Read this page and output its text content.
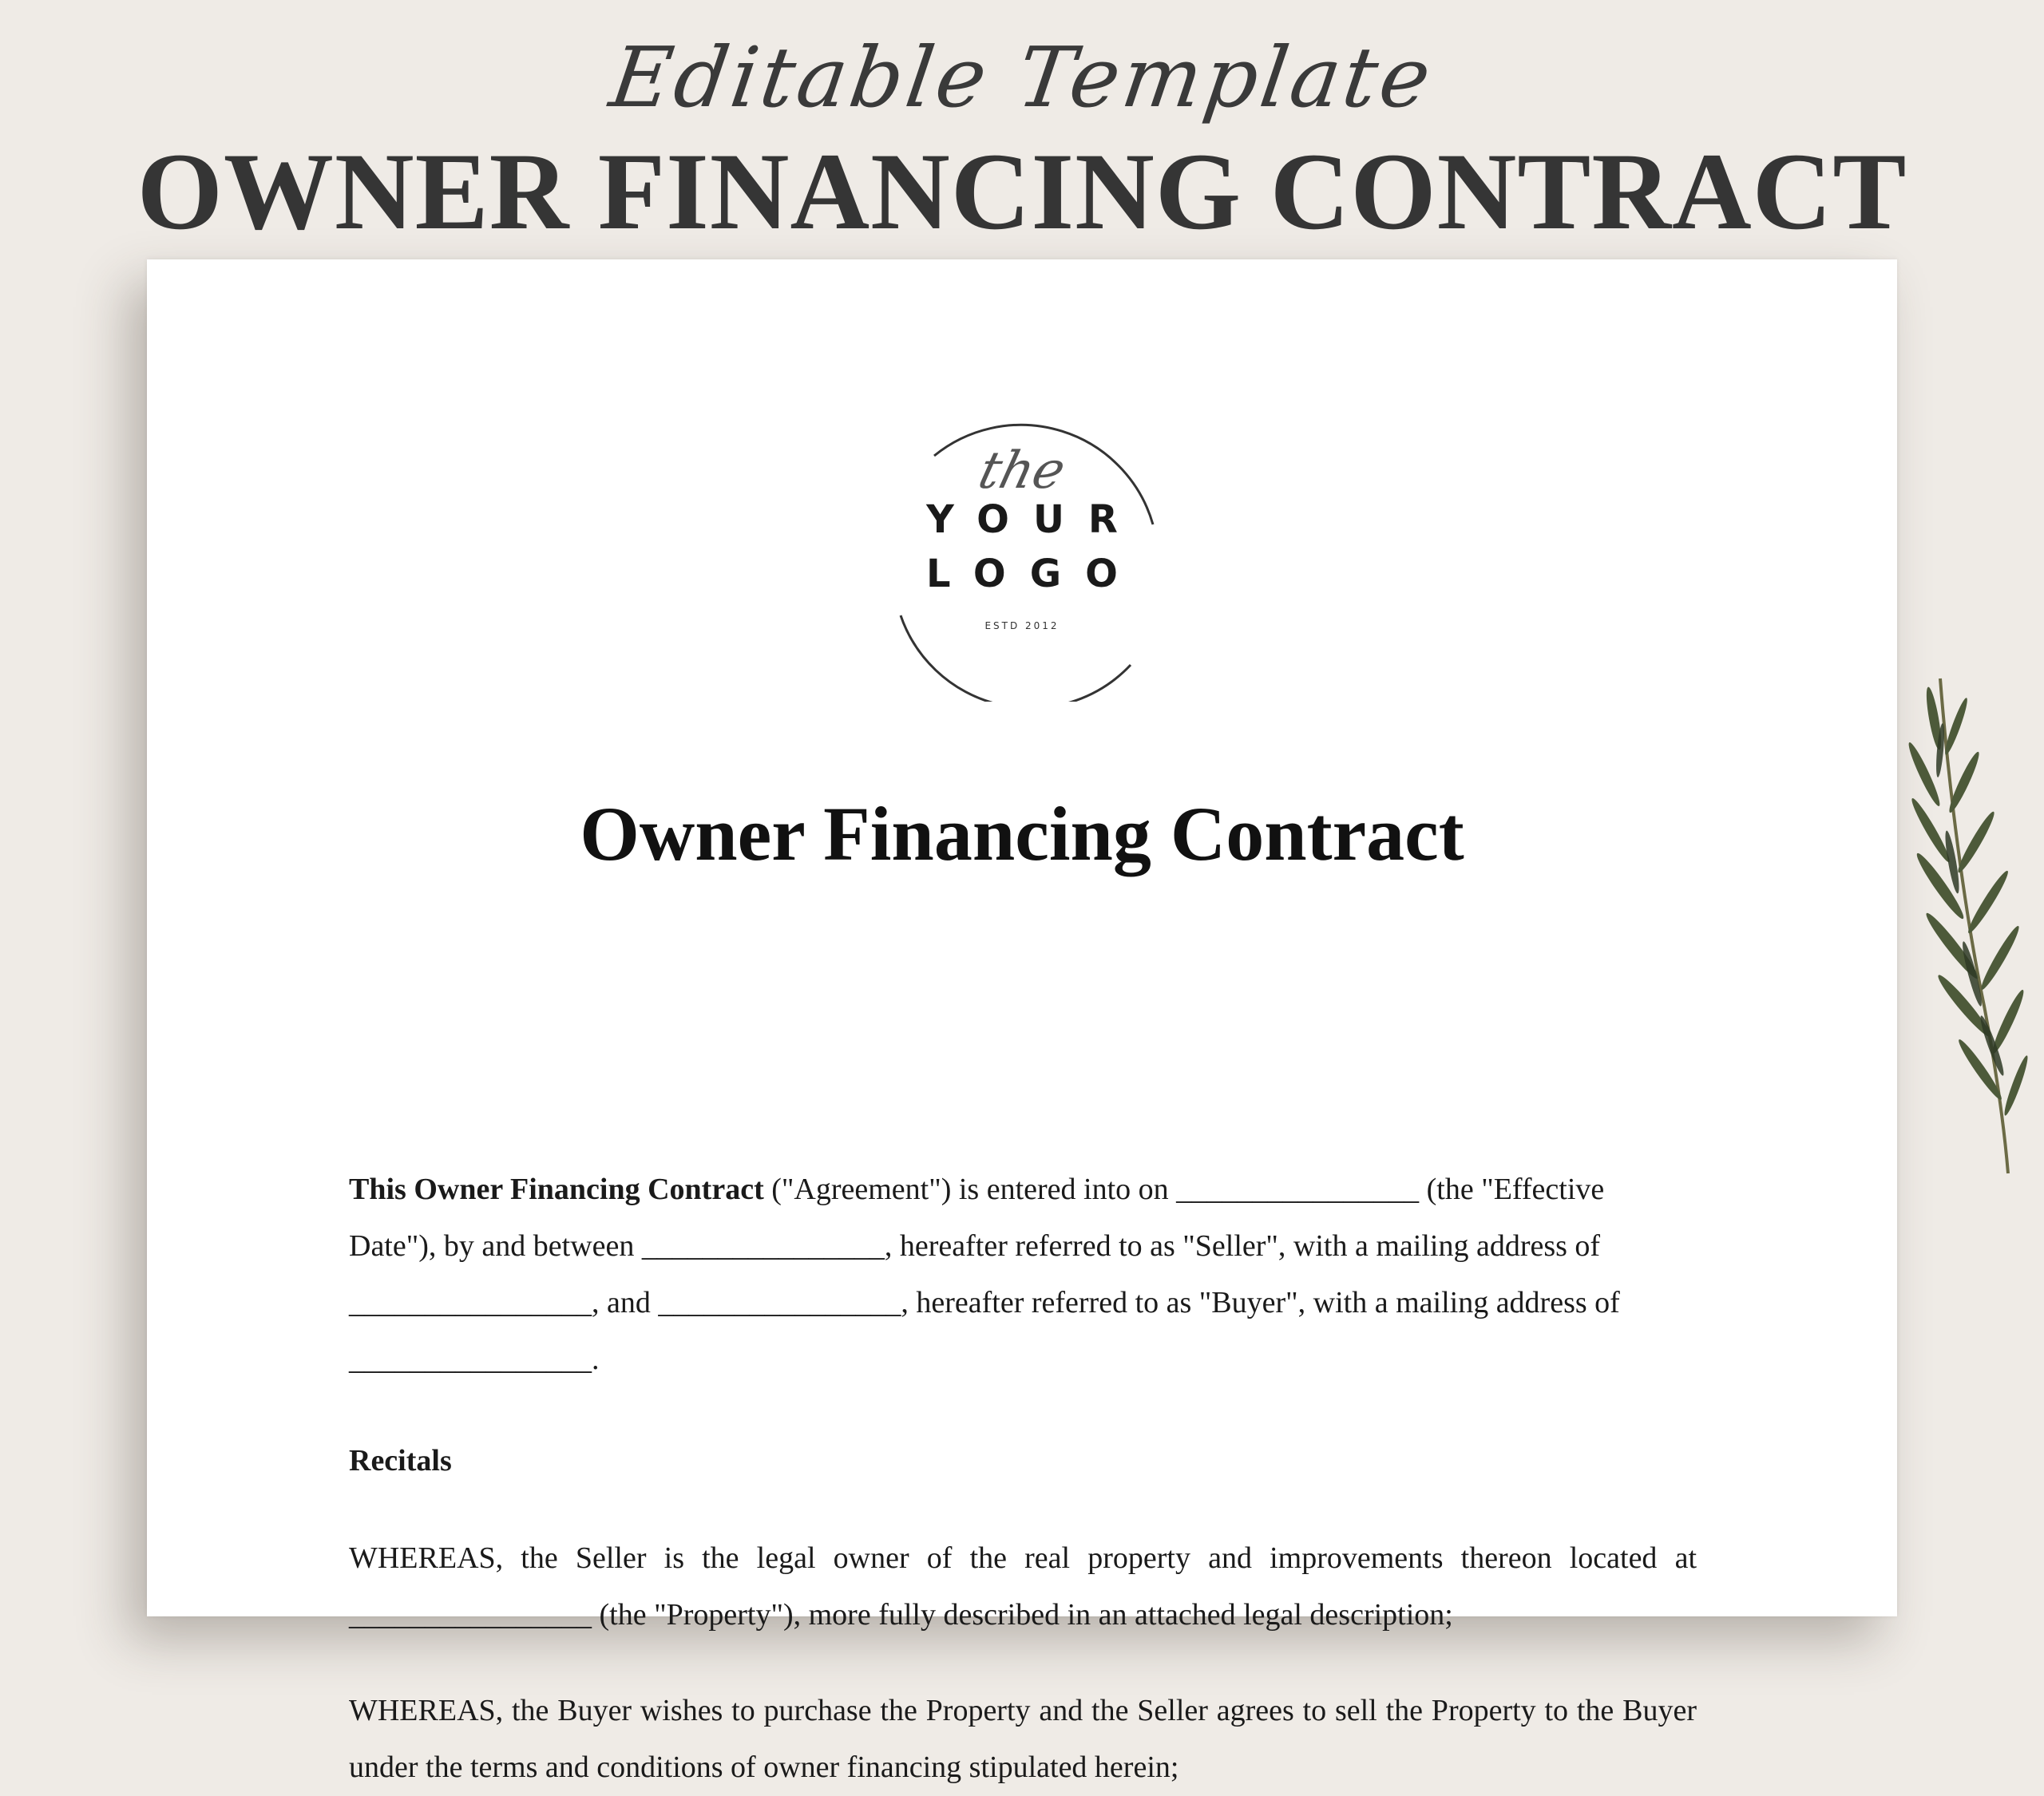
Editable Template
OWNER FINANCING CONTRACT
the
YOUR
LOGO
ESTD 2012
Owner Financing Contract

This Owner Financing Contract ("Agreement") is entered into on ________________ (the "Effective Date"), by and between ________________, hereafter referred to as "Seller", with a mailing address of ________________, and ________________, hereafter referred to as "Buyer", with a mailing address of ________________.

Recitals

WHEREAS, the Seller is the legal owner of the real property and improvements thereon located at ________________ (the "Property"), more fully described in an attached legal description;

WHEREAS, the Buyer wishes to purchase the Property and the Seller agrees to sell the Property to the Buyer under the terms and conditions of owner financing stipulated herein;
